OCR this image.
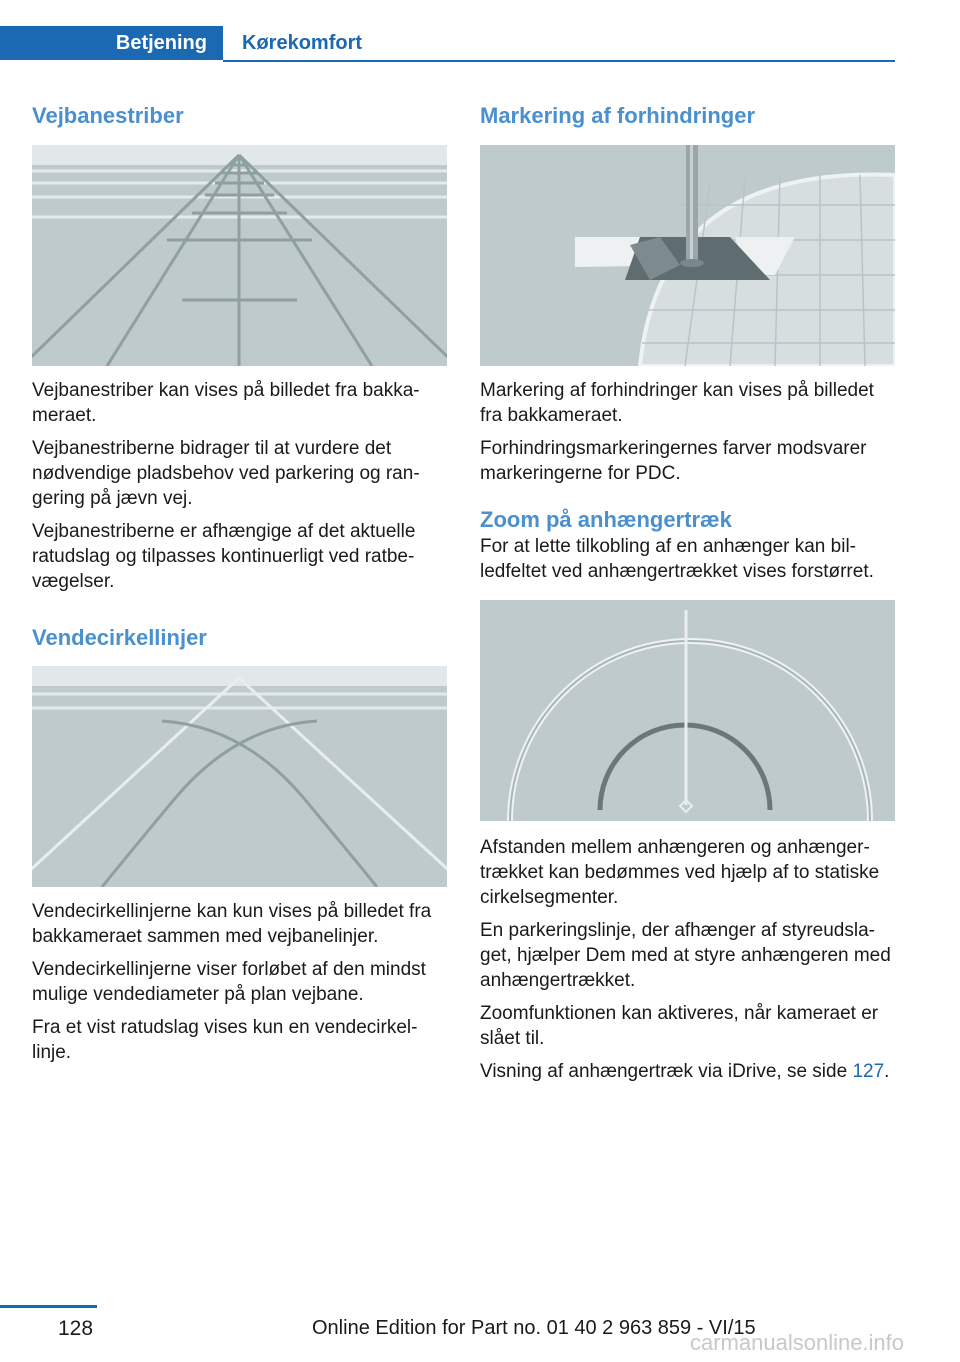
Betjening	Kørekomfort
Vejbanestriber

Vejbanestriber kan vises på billedet fra bakkameraet.

Vejbanestriberne bidrager til at vurdere det nødvendige pladsbehov ved parkering og rangering på jævn vej.

Vejbanestriberne er afhængige af det aktuelle ratudslag og tilpasses kontinuerligt ved ratbevægelser.

Vendecirkellinjer

Vendecirkellinjerne kan kun vises på billedet fra bakkameraet sammen med vejbanelinjer.

Vendecirkellinjerne viser forløbet af den mindst mulige vendediameter på plan vejbane.

Fra et vist ratudslag vises kun en vendecirkellinje.

Markering af forhindringer

Markering af forhindringer kan vises på billedet fra bakkameraet.

Forhindringsmarkeringernes farver modsvarer markeringerne for PDC.

Zoom på anhængertræk

For at lette tilkobling af en anhænger kan billedfeltet ved anhængertrækket vises forstørret.

Afstanden mellem anhængeren og anhængertrækket kan bedømmes ved hjælp af to statiske cirkelsegmenter.

En parkeringslinje, der afhænger af styreudslaget, hjælper Dem med at styre anhængeren med anhængertrækket.

Zoomfunktionen kan aktiveres, når kameraet er slået til.

Visning af anhængertræk via iDrive, se side 127.

128	Online Edition for Part no. 01 40 2 963 859 - VI/15
carmanualsonline.info
